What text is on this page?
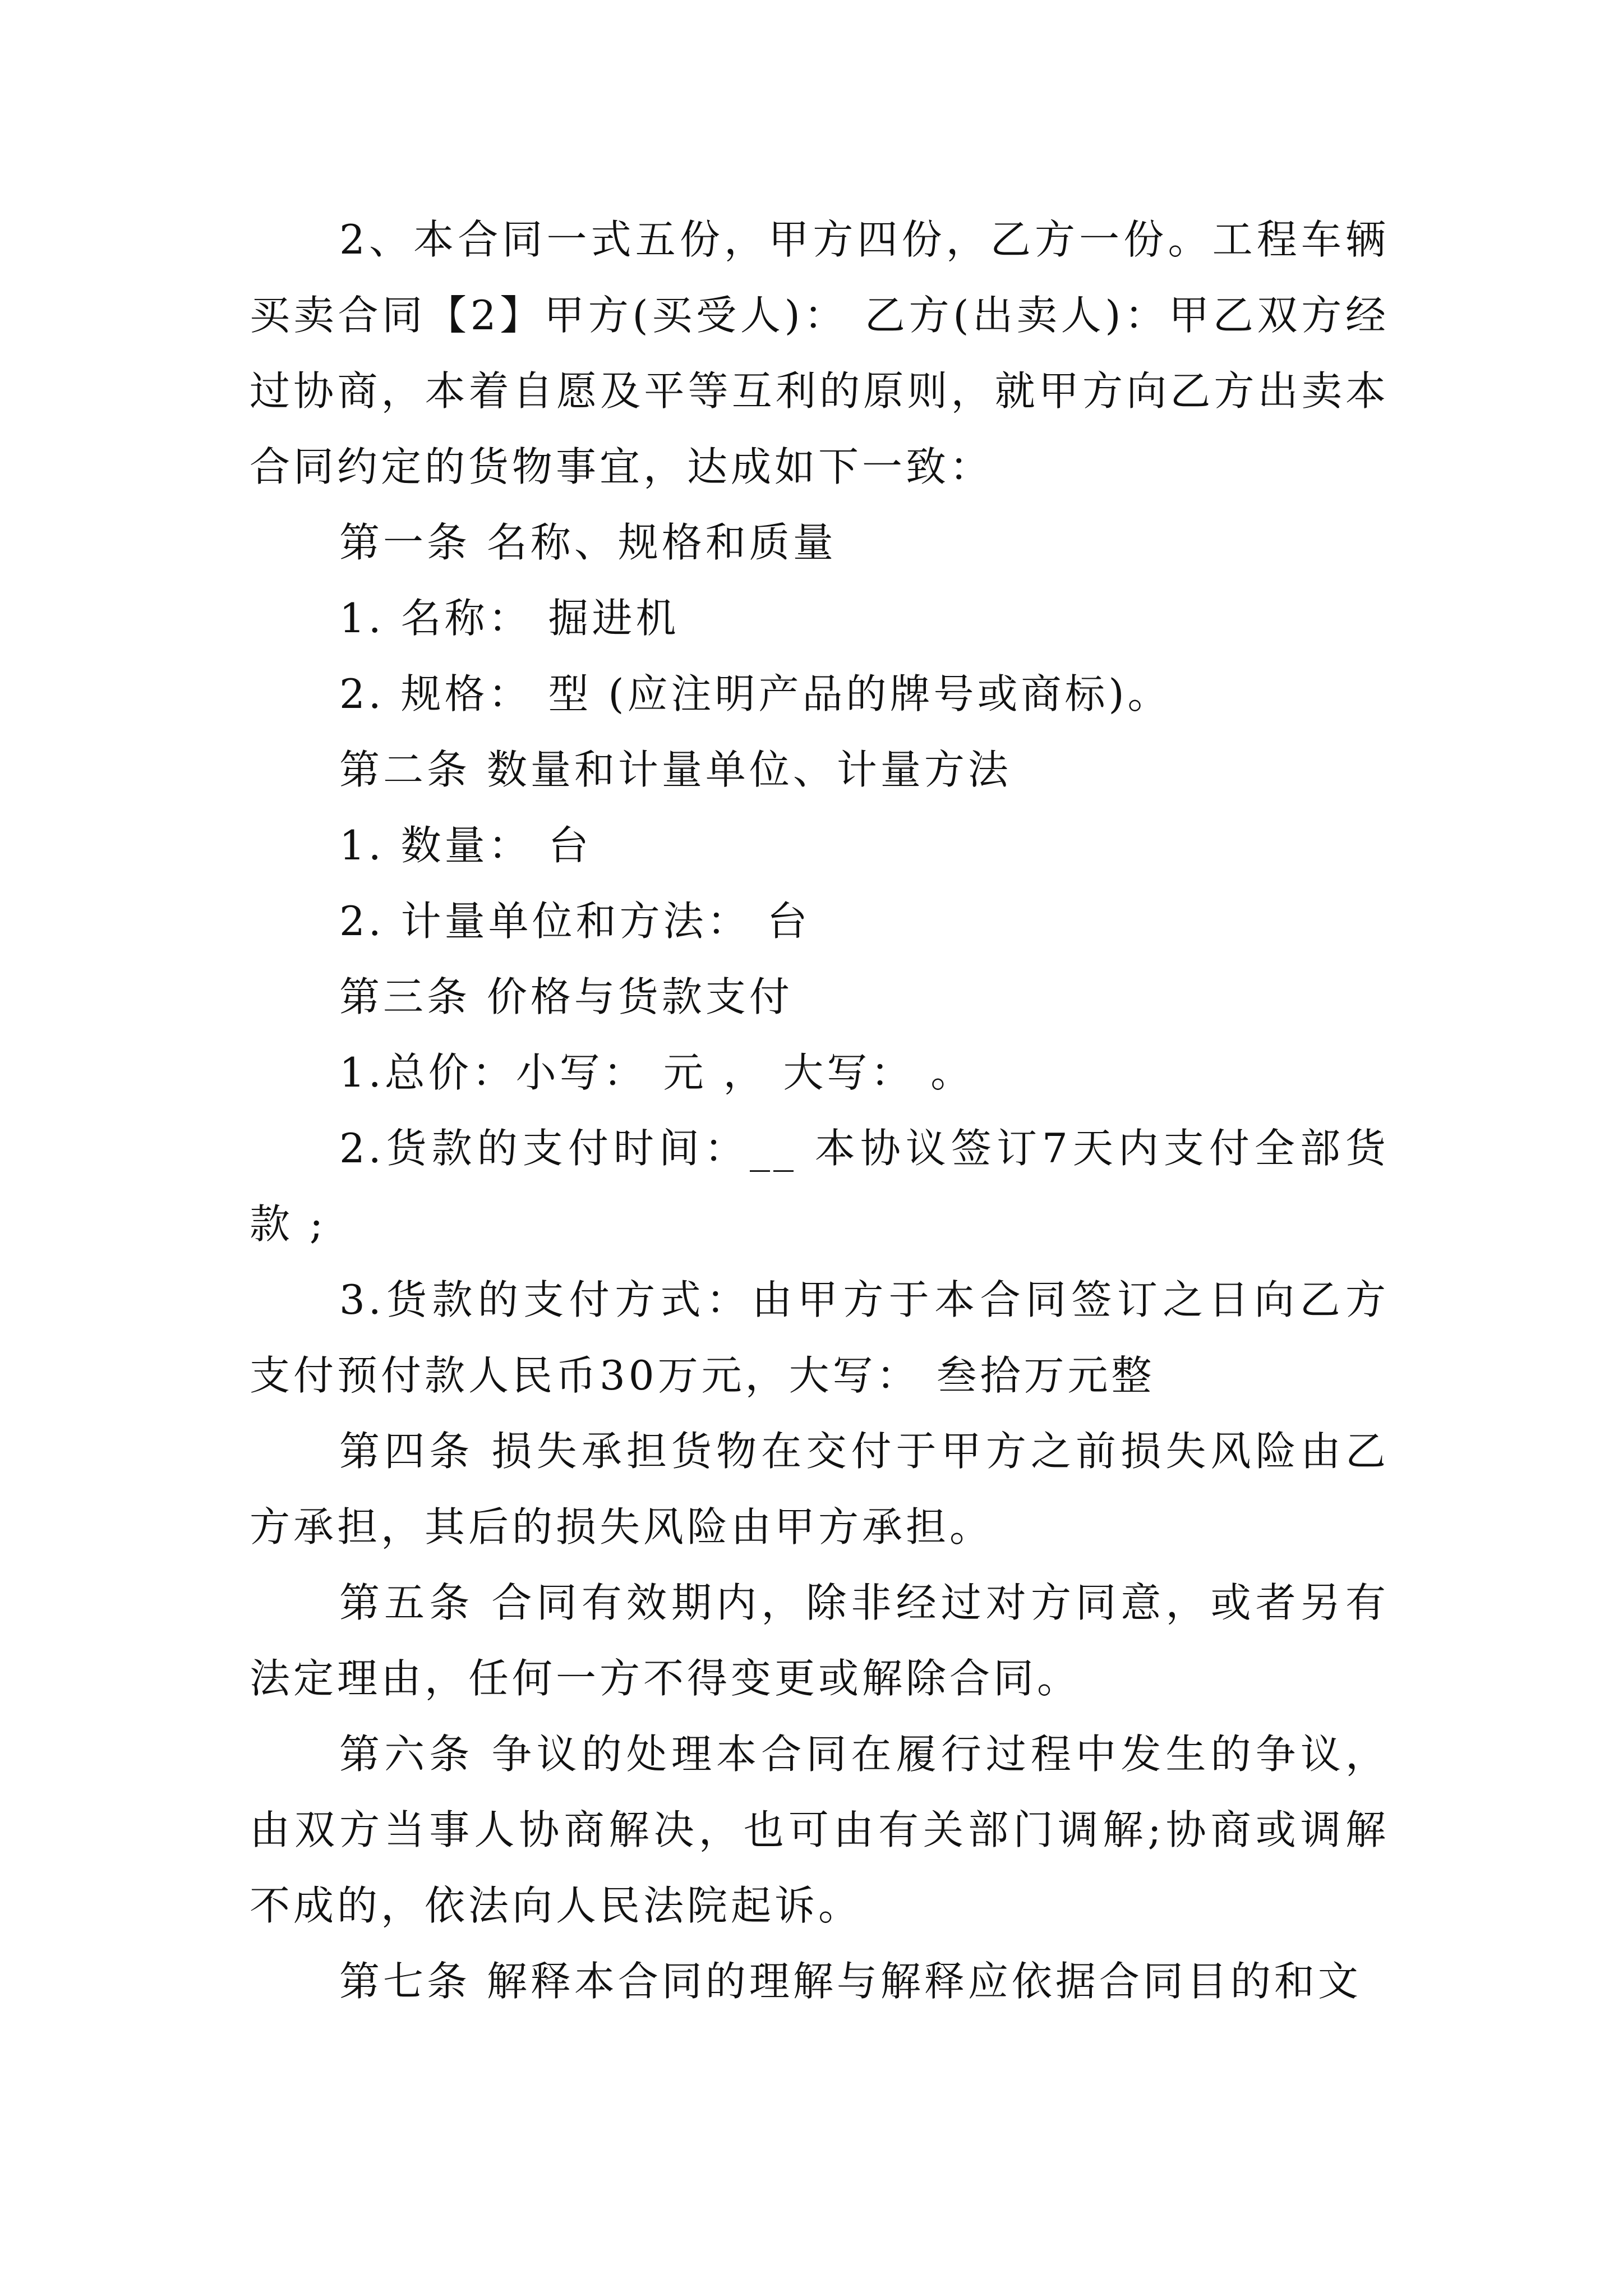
2、本合同一式五份，甲方四份，乙方一份。工程车辆买卖合同【2】甲方(买受人)： 乙方(出卖人)：甲乙双方经过协商，本着自愿及平等互利的原则，就甲方向乙方出卖本合同约定的货物事宜，达成如下一致：

第一条 名称、规格和质量

1. 名称： 掘进机

2. 规格： 型 (应注明产品的牌号或商标)。

第二条 数量和计量单位、计量方法

1. 数量： 台

2. 计量单位和方法： 台

第三条 价格与货款支付

1.总价：小写： 元 ， 大写： 。

2.货款的支付时间：__ 本协议签订7天内支付全部货款 ;

3.货款的支付方式：由甲方于本合同签订之日向乙方支付预付款人民币30万元，大写： 叁拾万元整

第四条 损失承担货物在交付于甲方之前损失风险由乙方承担，其后的损失风险由甲方承担。

第五条 合同有效期内，除非经过对方同意，或者另有法定理由，任何一方不得变更或解除合同。

第六条 争议的处理本合同在履行过程中发生的争议，由双方当事人协商解决，也可由有关部门调解;协商或调解不成的，依法向人民法院起诉。

第七条 解释本合同的理解与解释应依据合同目的和文
